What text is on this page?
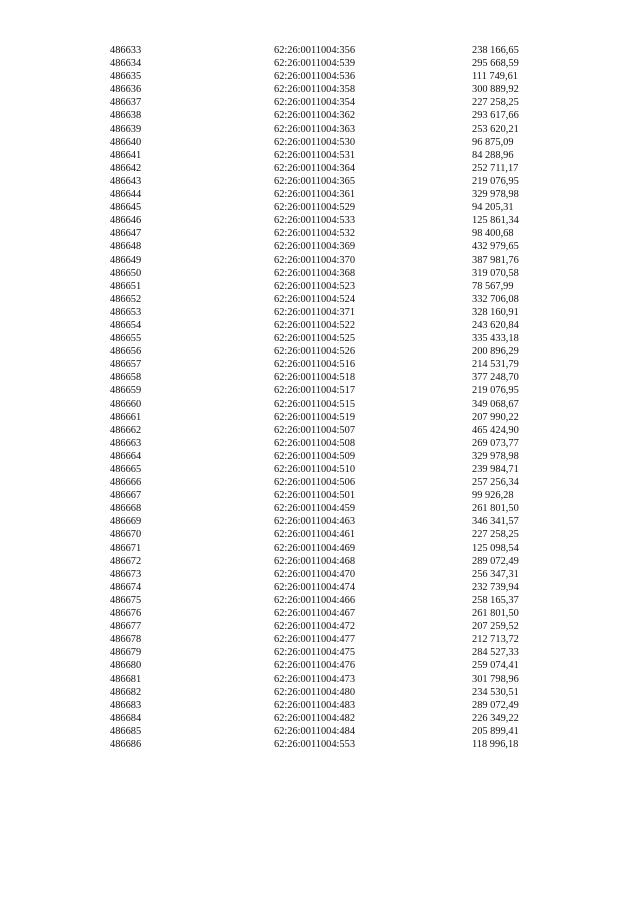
486633	62:26:0011004:356	238 166,65
486634	62:26:0011004:539	295 668,59
486635	62:26:0011004:536	111 749,61
486636	62:26:0011004:358	300 889,92
486637	62:26:0011004:354	227 258,25
486638	62:26:0011004:362	293 617,66
486639	62:26:0011004:363	253 620,21
486640	62:26:0011004:530	96 875,09
486641	62:26:0011004:531	84 288,96
486642	62:26:0011004:364	252 711,17
486643	62:26:0011004:365	219 076,95
486644	62:26:0011004:361	329 978,98
486645	62:26:0011004:529	94 205,31
486646	62:26:0011004:533	125 861,34
486647	62:26:0011004:532	98 400,68
486648	62:26:0011004:369	432 979,65
486649	62:26:0011004:370	387 981,76
486650	62:26:0011004:368	319 070,58
486651	62:26:0011004:523	78 567,99
486652	62:26:0011004:524	332 706,08
486653	62:26:0011004:371	328 160,91
486654	62:26:0011004:522	243 620,84
486655	62:26:0011004:525	335 433,18
486656	62:26:0011004:526	200 896,29
486657	62:26:0011004:516	214 531,79
486658	62:26:0011004:518	377 248,70
486659	62:26:0011004:517	219 076,95
486660	62:26:0011004:515	349 068,67
486661	62:26:0011004:519	207 990,22
486662	62:26:0011004:507	465 424,90
486663	62:26:0011004:508	269 073,77
486664	62:26:0011004:509	329 978,98
486665	62:26:0011004:510	239 984,71
486666	62:26:0011004:506	257 256,34
486667	62:26:0011004:501	99 926,28
486668	62:26:0011004:459	261 801,50
486669	62:26:0011004:463	346 341,57
486670	62:26:0011004:461	227 258,25
486671	62:26:0011004:469	125 098,54
486672	62:26:0011004:468	289 072,49
486673	62:26:0011004:470	256 347,31
486674	62:26:0011004:474	232 739,94
486675	62:26:0011004:466	258 165,37
486676	62:26:0011004:467	261 801,50
486677	62:26:0011004:472	207 259,52
486678	62:26:0011004:477	212 713,72
486679	62:26:0011004:475	284 527,33
486680	62:26:0011004:476	259 074,41
486681	62:26:0011004:473	301 798,96
486682	62:26:0011004:480	234 530,51
486683	62:26:0011004:483	289 072,49
486684	62:26:0011004:482	226 349,22
486685	62:26:0011004:484	205 899,41
486686	62:26:0011004:553	118 996,18
